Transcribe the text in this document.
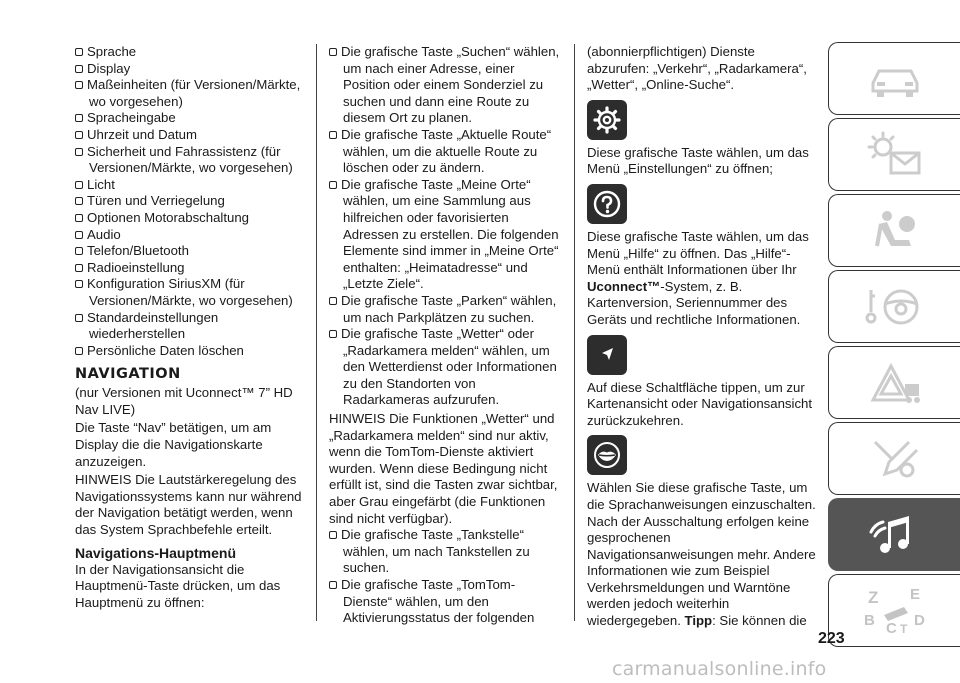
Sprache

Display

Maßeinheiten (für Versionen/Märkte, wo vorgesehen)

Spracheingabe

Uhrzeit und Datum

Sicherheit und Fahrassistenz (für Versionen/Märkte, wo vorgesehen)

Licht

Türen und Verriegelung

Optionen Motorabschaltung

Audio

Telefon/Bluetooth

Radioeinstellung

Konfiguration SiriusXM (für Versionen/Märkte, wo vorgesehen)

Standardeinstellungen wiederherstellen

Persönliche Daten löschen

NAVIGATION

(nur Versionen mit Uconnect™ 7” HD Nav LIVE)

Die Taste “Nav” betätigen, um am Display die die Navigationskarte anzuzeigen.

HINWEIS Die Lautstärkeregelung des Navigationssystems kann nur während der Navigation betätigt werden, wenn das System Sprachbefehle erteilt.

Navigations-Hauptmenü

In der Navigationsansicht die Hauptmenü-Taste drücken, um das Hauptmenü zu öffnen:

Die grafische Taste „Suchen“ wählen, um nach einer Adresse, einer Position oder einem Sonderziel zu suchen und dann eine Route zu diesem Ort zu planen.

Die grafische Taste „Aktuelle Route“ wählen, um die aktuelle Route zu löschen oder zu ändern.

Die grafische Taste „Meine Orte“ wählen, um eine Sammlung aus hilfreichen oder favorisierten Adressen zu erstellen. Die folgenden Elemente sind immer in „Meine Orte“ enthalten: „Heimatadresse“ und „Letzte Ziele“.

Die grafische Taste „Parken“ wählen, um nach Parkplätzen zu suchen.

Die grafische Taste „Wetter“ oder „Radarkamera melden“ wählen, um den Wetterdienst oder Informationen zu den Standorten von Radarkameras aufzurufen.

HINWEIS Die Funktionen „Wetter“ und „Radarkamera melden“ sind nur aktiv, wenn die TomTom-Dienste aktiviert wurden. Wenn diese Bedingung nicht erfüllt ist, sind die Tasten zwar sichtbar, aber Grau eingefärbt (die Funktionen sind nicht verfügbar).

Die grafische Taste „Tankstelle“ wählen, um nach Tankstellen zu suchen.

Die grafische Taste „TomTom-Dienste“ wählen, um den Aktivierungsstatus der folgenden

(abonnierpflichtigen) Dienste abzurufen: „Verkehr“, „Radarkamera“, „Wetter“, „Online-Suche“.

Diese grafische Taste wählen, um das Menü „Einstellungen“ zu öffnen;

Diese grafische Taste wählen, um das Menü „Hilfe“ zu öffnen. Das „Hilfe“-Menü enthält Informationen über Ihr Uconnect™-System, z. B. Kartenversion, Seriennummer des Geräts und rechtliche Informationen.

Auf diese Schaltfläche tippen, um zur Kartenansicht oder Navigationsansicht zurückzukehren.

Wählen Sie diese grafische Taste, um die Sprachanweisungen einzuschalten. Nach der Ausschaltung erfolgen keine gesprochenen Navigationsanweisungen mehr. Andere Informationen wie zum Beispiel Verkehrsmeldungen und Warntöne werden jedoch weiterhin wiedergegeben. Tipp: Sie können die

Z E
B C D
T
223
carmanualsonline.info
